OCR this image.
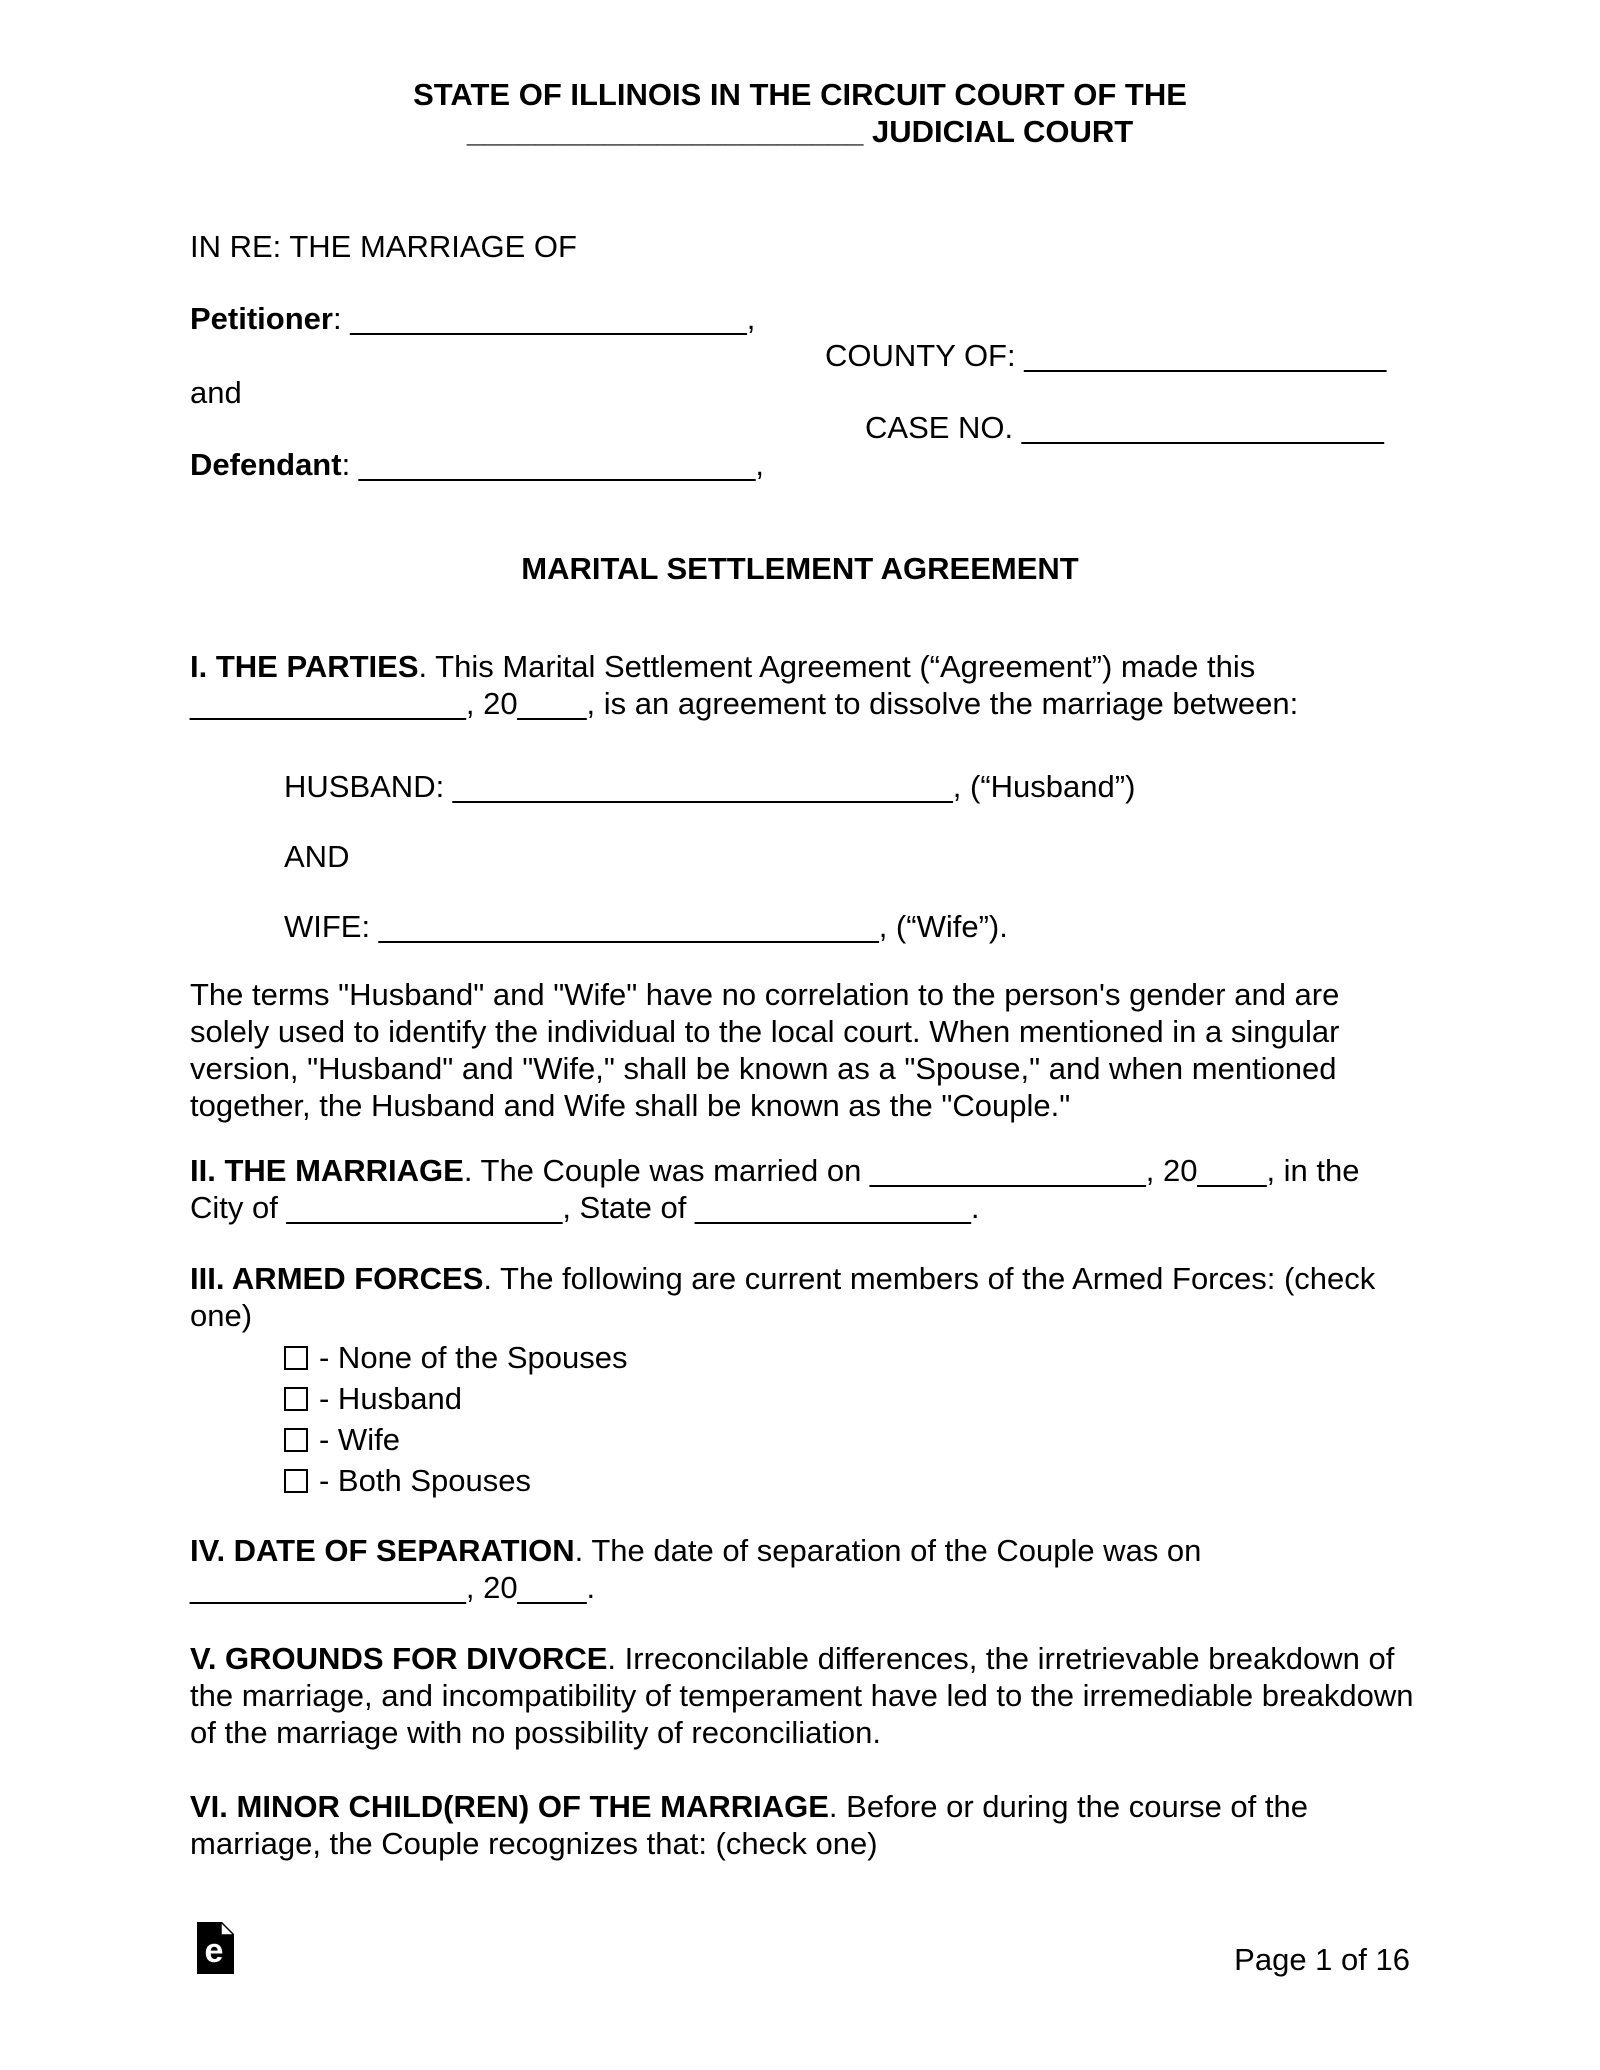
STATE OF ILLINOIS IN THE CIRCUIT COURT OF THE
_______________________ JUDICIAL COURT
IN RE: THE MARRIAGE OF
Petitioner: _______________________,
COUNTY OF: _____________________
and
CASE NO. _____________________
Defendant: _______________________,
MARITAL SETTLEMENT AGREEMENT
I. THE PARTIES. This Marital Settlement Agreement (“Agreement”) made this ________________, 20____, is an agreement to dissolve the marriage between:
HUSBAND: _____________________________, (“Husband”)
AND
WIFE: _____________________________, (“Wife”).
The terms "Husband" and "Wife" have no correlation to the person's gender and are solely used to identify the individual to the local court. When mentioned in a singular version, "Husband" and "Wife," shall be known as a "Spouse," and when mentioned together, the Husband and Wife shall be known as the "Couple."
II. THE MARRIAGE. The Couple was married on ________________, 20____, in the City of ________________, State of ________________.
III. ARMED FORCES. The following are current members of the Armed Forces: (check one)
- None of the Spouses
- Husband
- Wife
- Both Spouses
IV. DATE OF SEPARATION. The date of separation of the Couple was on ________________, 20____.
V. GROUNDS FOR DIVORCE. Irreconcilable differences, the irretrievable breakdown of the marriage, and incompatibility of temperament have led to the irremediable breakdown of the marriage with no possibility of reconciliation.
VI. MINOR CHILD(REN) OF THE MARRIAGE. Before or during the course of the marriage, the Couple recognizes that: (check one)
e	Page 1 of 16
